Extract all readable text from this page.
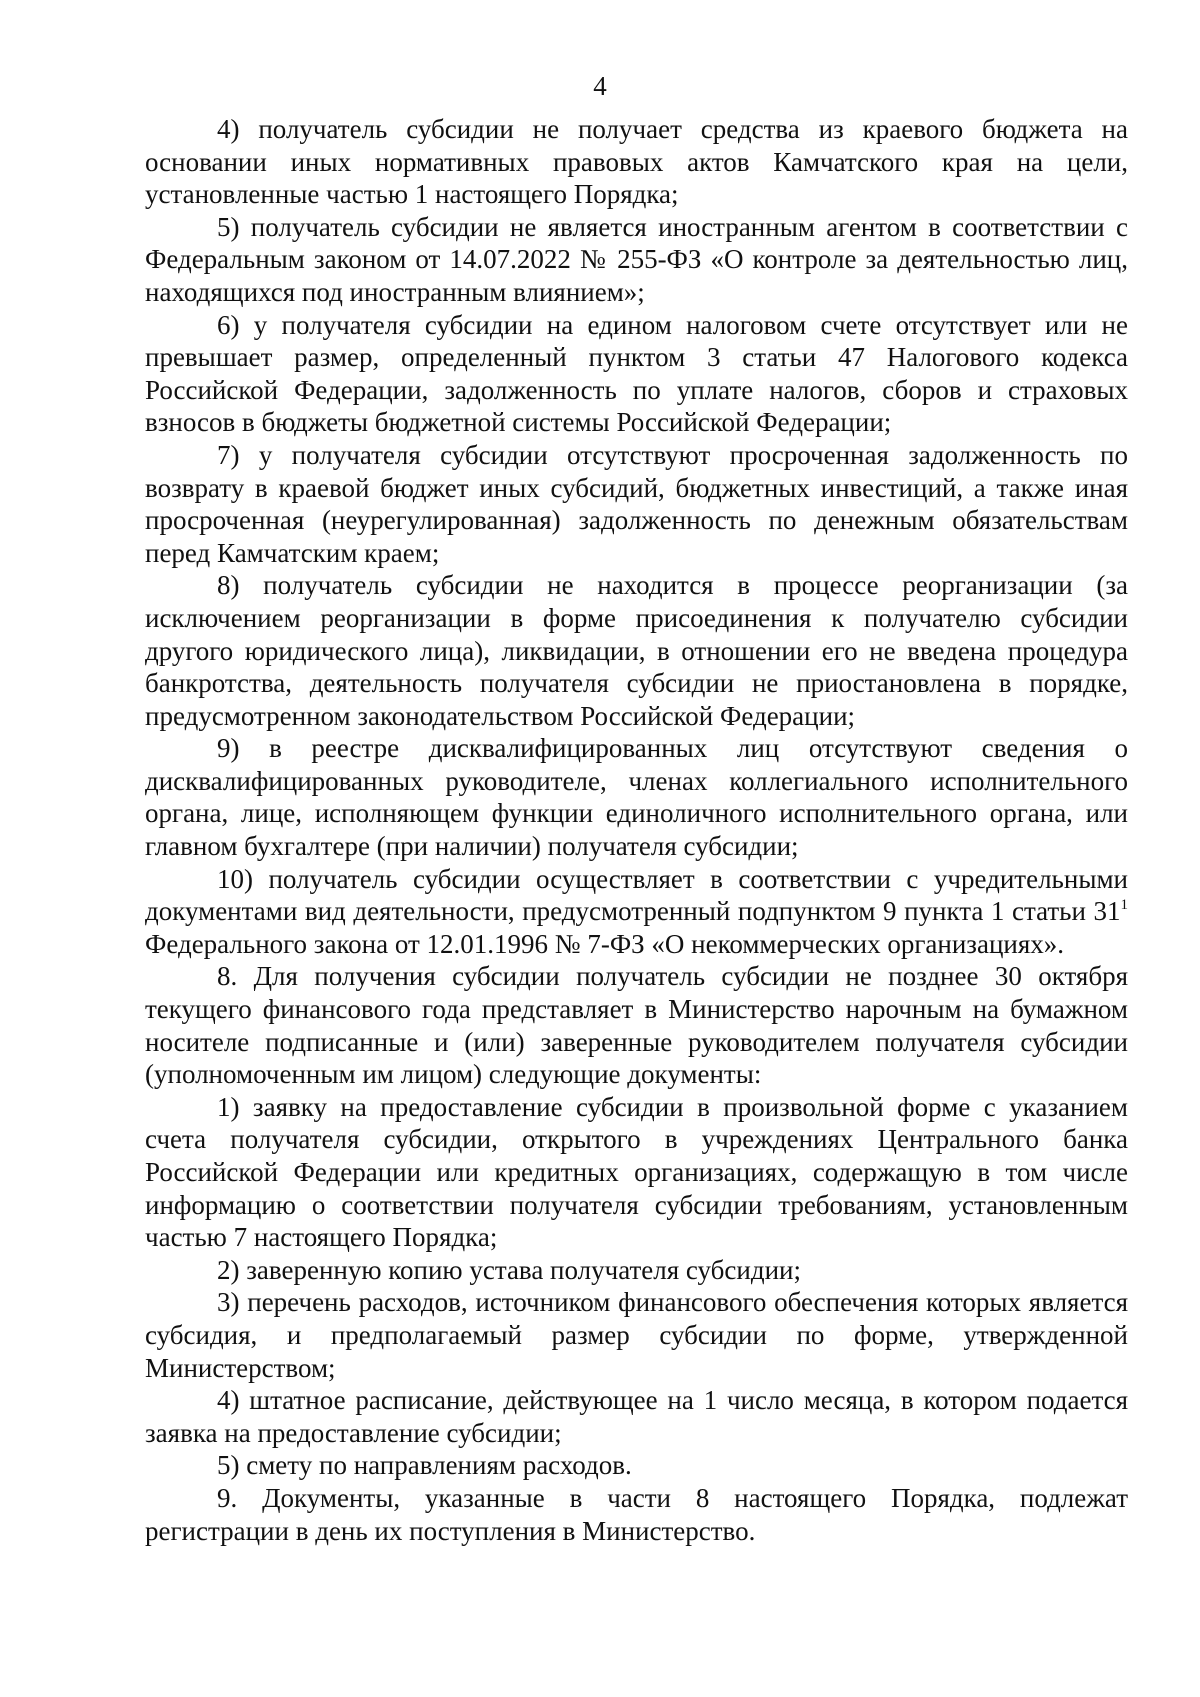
4

4) получатель субсидии не получает средства из краевого бюджета на основании иных нормативных правовых актов Камчатского края на цели, установленные частью 1 настоящего Порядка;

5) получатель субсидии не является иностранным агентом в соответствии с Федеральным законом от 14.07.2022 № 255-ФЗ «О контроле за деятельностью лиц, находящихся под иностранным влиянием»;

6) у получателя субсидии на едином налоговом счете отсутствует или не превышает размер, определенный пунктом 3 статьи 47 Налогового кодекса Российской Федерации, задолженность по уплате налогов, сборов и страховых взносов в бюджеты бюджетной системы Российской Федерации;

7) у получателя субсидии отсутствуют просроченная задолженность по возврату в краевой бюджет иных субсидий, бюджетных инвестиций, а также иная просроченная (неурегулированная) задолженность по денежным обязательствам перед Камчатским краем;

8) получатель субсидии не находится в процессе реорганизации (за исключением реорганизации в форме присоединения к получателю субсидии другого юридического лица), ликвидации, в отношении его не введена процедура банкротства, деятельность получателя субсидии не приостановлена в порядке, предусмотренном законодательством Российской Федерации;

9) в реестре дисквалифицированных лиц отсутствуют сведения о дисквалифицированных руководителе, членах коллегиального исполнительного органа, лице, исполняющем функции единоличного исполнительного органа, или главном бухгалтере (при наличии) получателя субсидии;

10) получатель субсидии осуществляет в соответствии с учредительными документами вид деятельности, предусмотренный подпунктом 9 пункта 1 статьи $31^1$ Федерального закона от 12.01.1996 № 7-ФЗ «О некоммерческих организациях».

8. Для получения субсидии получатель субсидии не позднее 30 октября текущего финансового года представляет в Министерство нарочным на бумажном носителе подписанные и (или) заверенные руководителем получателя субсидии (уполномоченным им лицом) следующие документы:

1) заявку на предоставление субсидии в произвольной форме с указанием счета получателя субсидии, открытого в учреждениях Центрального банка Российской Федерации или кредитных организациях, содержащую в том числе информацию о соответствии получателя субсидии требованиям, установленным частью 7 настоящего Порядка;

2) заверенную копию устава получателя субсидии;

3) перечень расходов, источником финансового обеспечения которых является субсидия, и предполагаемый размер субсидии по форме, утвержденной Министерством;

4) штатное расписание, действующее на 1 число месяца, в котором подается заявка на предоставление субсидии;

5) смету по направлениям расходов.

9. Документы, указанные в части 8 настоящего Порядка, подлежат регистрации в день их поступления в Министерство.
